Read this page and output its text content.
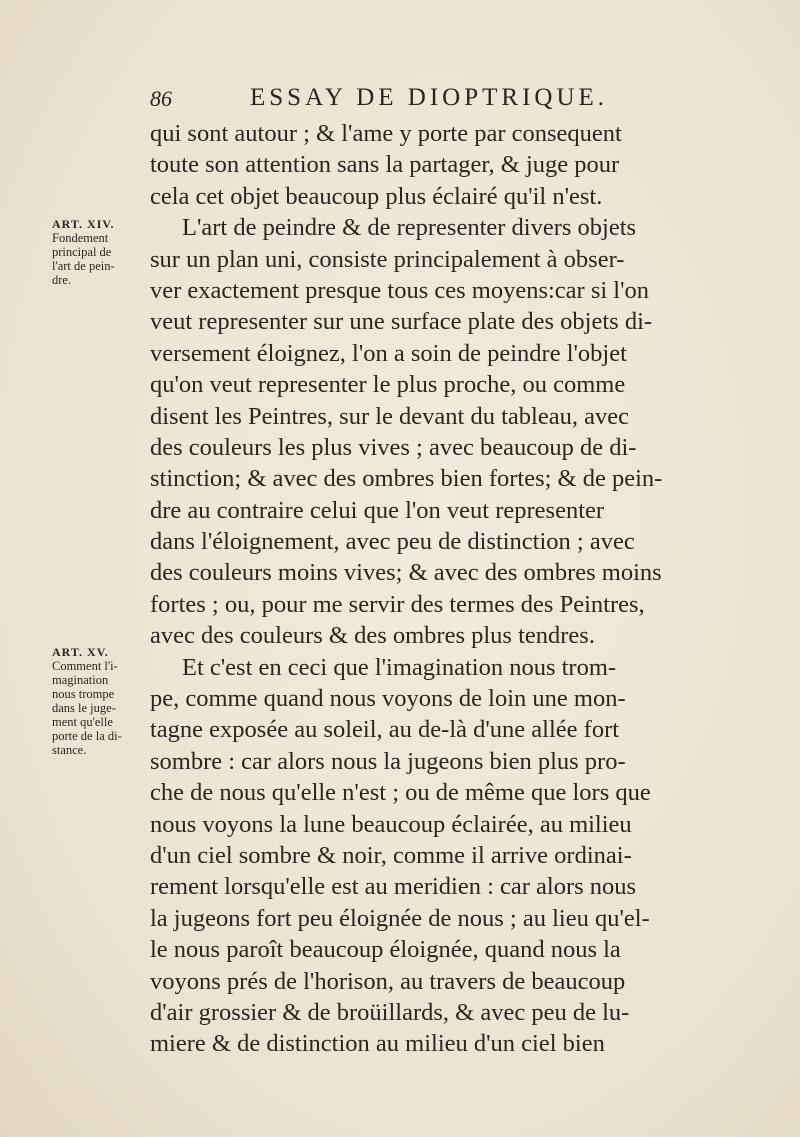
86	ESSAY DE DIOPTRIQUE.
ART. XIV.
Fondement
principal de
l'art de pein-
dre.
ART. XV.
Comment l'i-
magination
nous trompe
dans le juge-
ment qu'elle
porte de la di-
stance.
qui sont autour ; & l'ame y porte par consequent
toute son attention sans la partager, & juge pour
cela cet objet beaucoup plus éclairé qu'il n'est.
L'art de peindre & de representer divers objets
sur un plan uni, consiste principalement à obser-
ver exactement presque tous ces moyens:car si l'on
veut representer sur une surface plate des objets di-
versement éloignez, l'on a soin de peindre l'objet
qu'on veut representer le plus proche, ou comme
disent les Peintres, sur le devant du tableau, avec
des couleurs les plus vives ; avec beaucoup de di-
stinction; & avec des ombres bien fortes; & de pein-
dre au contraire celui que l'on veut representer
dans l'éloignement, avec peu de distinction ; avec
des couleurs moins vives; & avec des ombres moins
fortes ; ou, pour me servir des termes des Peintres,
avec des couleurs & des ombres plus tendres.
Et c'est en ceci que l'imagination nous trom-
pe, comme quand nous voyons de loin une mon-
tagne exposée au soleil, au de-là d'une allée fort
sombre : car alors nous la jugeons bien plus pro-
che de nous qu'elle n'est ; ou de même que lors que
nous voyons la lune beaucoup éclairée, au milieu
d'un ciel sombre & noir, comme il arrive ordinai-
rement lorsqu'elle est au meridien : car alors nous
la jugeons fort peu éloignée de nous ; au lieu qu'el-
le nous paroît beaucoup éloignée, quand nous la
voyons prés de l'horison, au travers de beaucoup
d'air grossier & de broüillards, & avec peu de lu-
miere & de distinction au milieu d'un ciel bien
